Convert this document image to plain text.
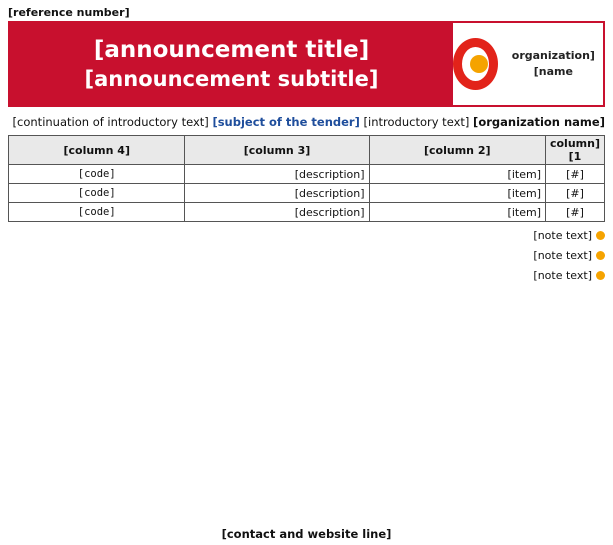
[reference number]
[organization name]
[announcement title]
[announcement subtitle]
[organization name] [introductory text] [subject of the tender] [continuation of introductory text]
[column 1]	[column 2]	[column 3]	[column 4]
[#]	[item]	[description]	[code]
[#]	[item]	[description]	[code]
[#]	[item]	[description]	[code]
[note text]
[note text]
[note text]
[contact and website line]
